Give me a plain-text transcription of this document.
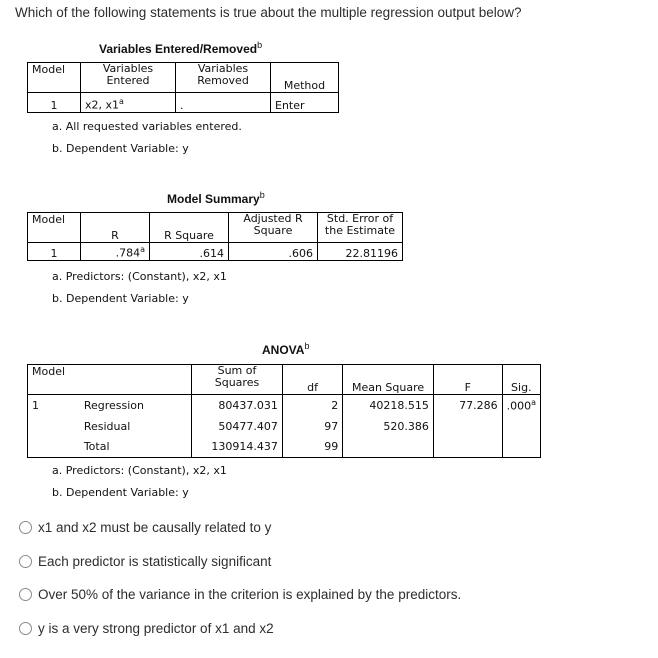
Which of the following statements is true about the multiple regression output below?
Variables Entered/Removed$^b$
Model	Variables Entered	Variables Removed	Method
1	x2, x1$^a$	.	Enter
a. All requested variables entered.
b. Dependent Variable: y
Model Summary$^b$
Model	R	R Square	Adjusted R Square	Std. Error of the Estimate
1	.784$^a$	.614	.606	22.81196
a. Predictors: (Constant), x2, x1
b. Dependent Variable: y
ANOVA$^b$
Model		Sum of Squares	df	Mean Square	F	Sig.
1	Regression	80437.031	2	40218.515	77.286	.000$^a$
	Residual	50477.407	97	520.386		
	Total	130914.437	99			
a. Predictors: (Constant), x2, x1
b. Dependent Variable: y
x1 and x2 must be causally related to y
Each predictor is statistically significant
Over 50% of the variance in the criterion is explained by the predictors.
y is a very strong predictor of x1 and x2
